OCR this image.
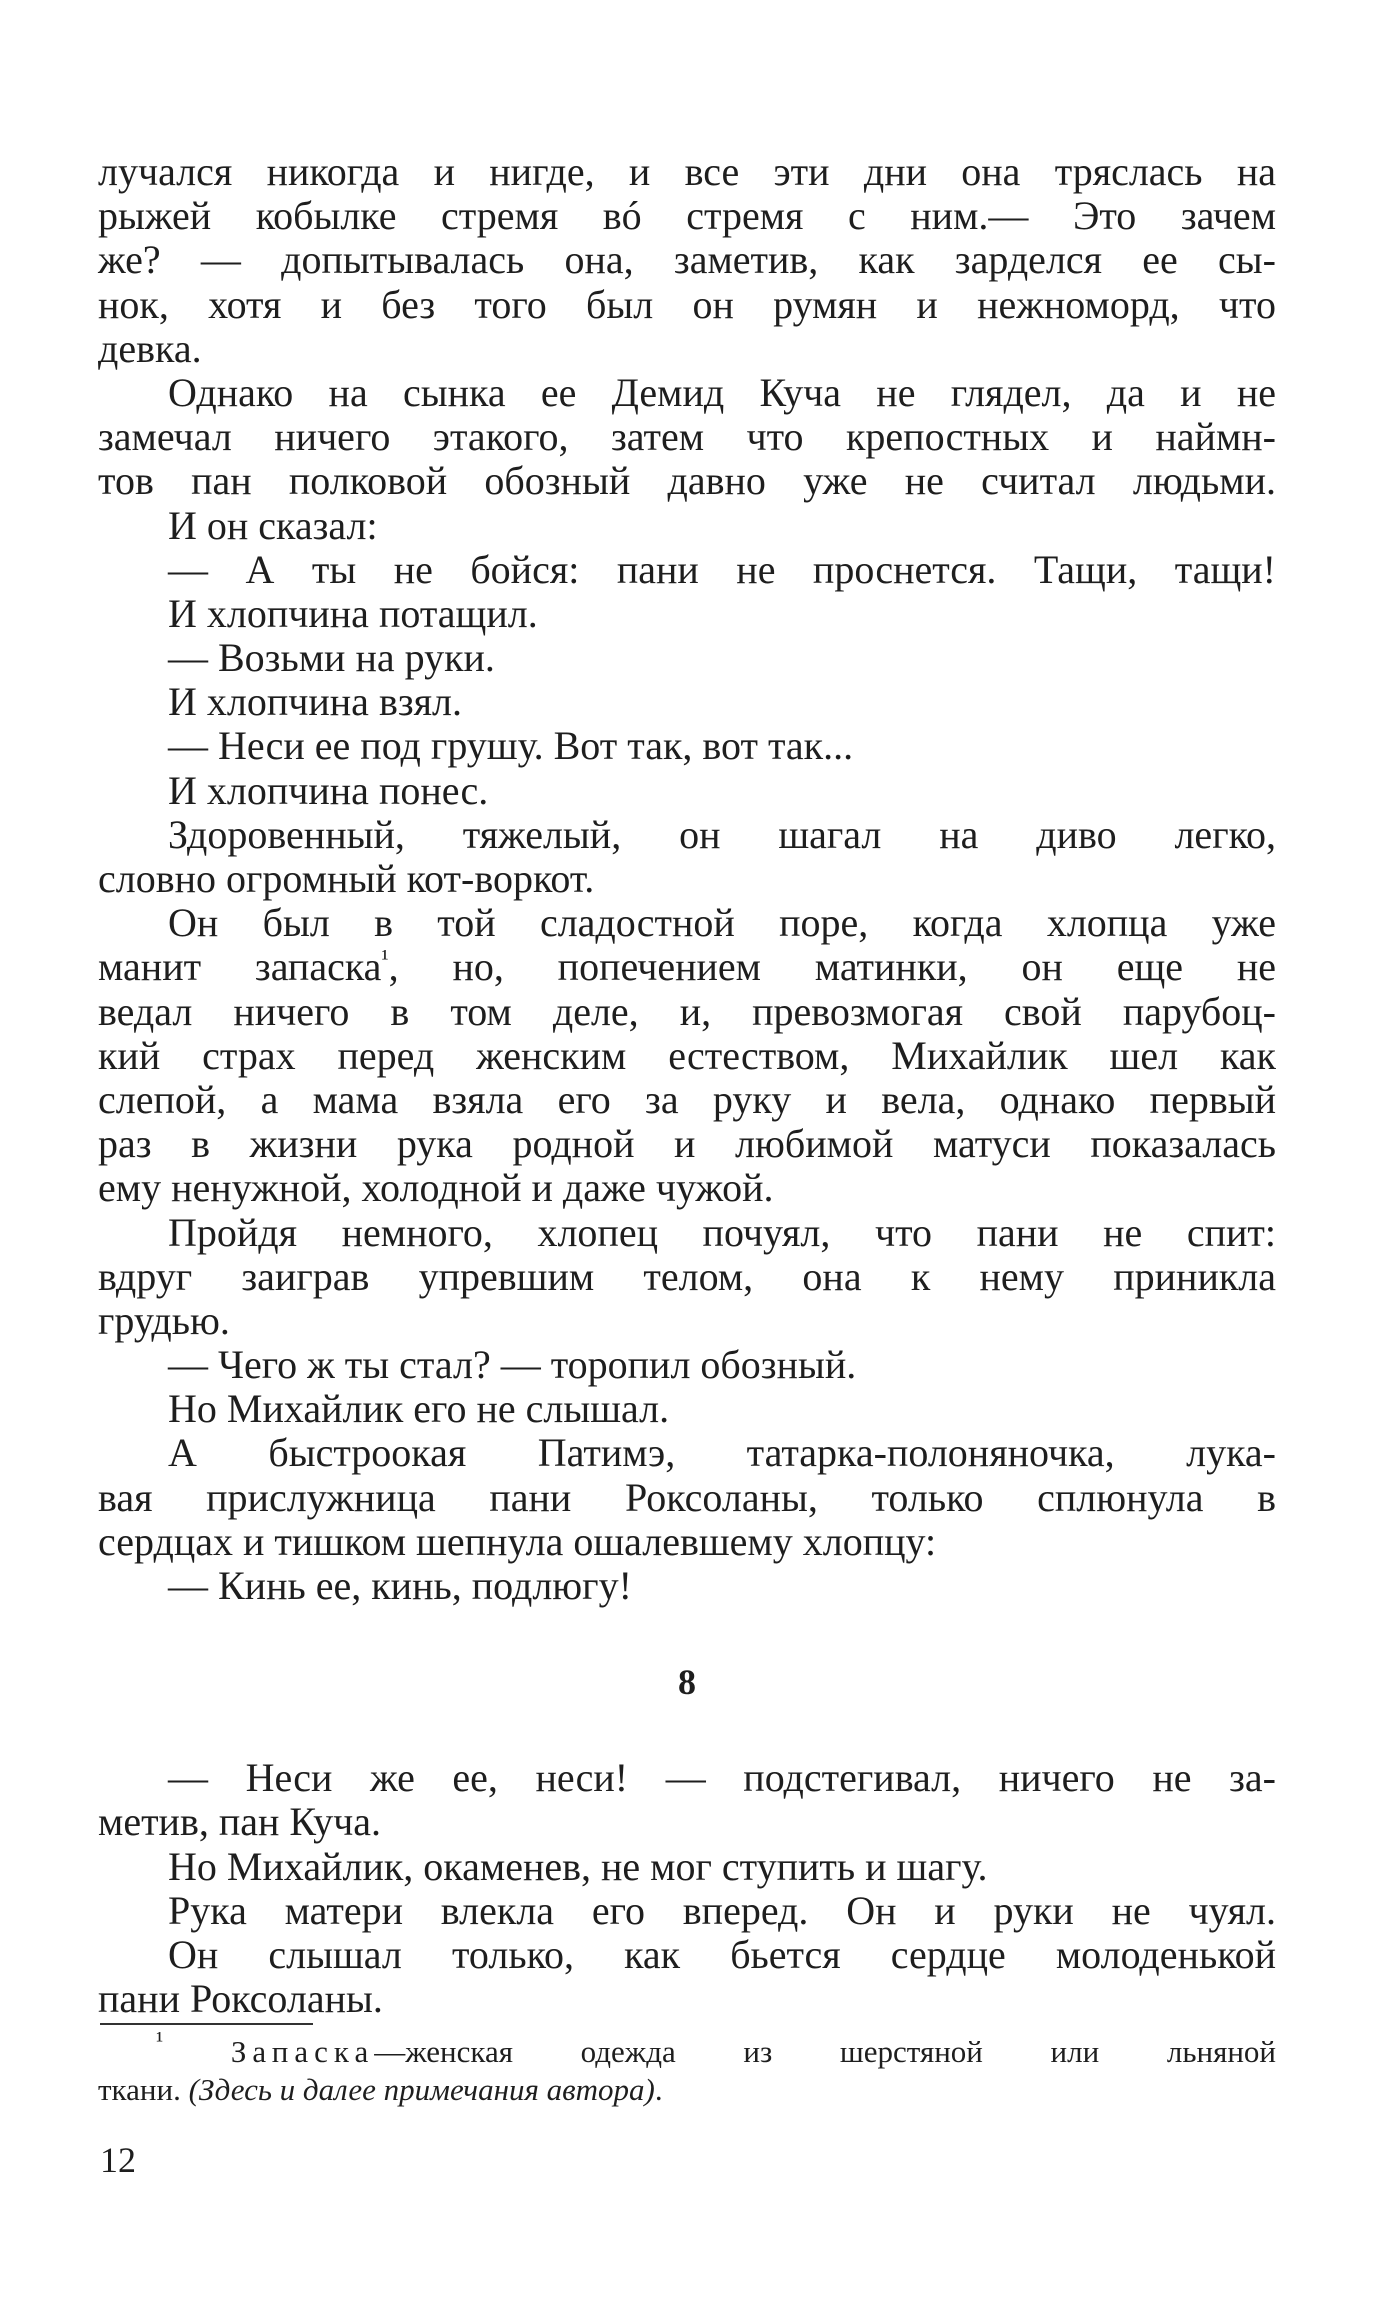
лучался никогда и нигде, и все эти дни она тряслась на
рыжей кобылке стремя вó стремя с ним.— Это зачем
же? — допытывалась она, заметив, как зарделся ее сы-
нок, хотя и без того был он румян и нежноморд, что
девка.
Однако на сынка ее Демид Куча не глядел, да и не
замечал ничего этакого, затем что крепостных и наймн-
тов пан полковой обозный давно уже не считал людьми.
И он сказал:
— А ты не бойся: пани не проснется. Тащи, тащи!
И хлопчина потащил.
— Возьми на руки.
И хлопчина взял.
— Неси ее под грушу. Вот так, вот так...
И хлопчина понес.
Здоровенный, тяжелый, он шагал на диво легко,
словно огромный кот-воркот.
Он был в той сладостной поре, когда хлопца уже
манит запаска$^{^1}$, но, попечением матинки, он еще не
ведал ничего в том деле, и, превозмогая свой парубоц-
кий страх перед женским естеством, Михайлик шел как
слепой, а мама взяла его за руку и вела, однако первый
раз в жизни рука родной и любимой матуси показалась
ему ненужной, холодной и даже чужой.
Пройдя немного, хлопец почуял, что пани не спит:
вдруг заиграв упревшим телом, она к нему приникла
грудью.
— Чего ж ты стал? — торопил обозный.
Но Михайлик его не слышал.
А быстроокая Патимэ, татарка-полоняночка, лука-
вая прислужница пани Роксоланы, только сплюнула в
сердцах и тишком шепнула ошалевшему хлопцу:
— Кинь ее, кинь, подлюгу!
8
— Неси же ее, неси! — подстегивал, ничего не за-
метив, пан Куча.
Но Михайлик, окаменев, не мог ступить и шагу.
Рука матери влекла его вперед. Он и руки не чуял.
Он слышал только, как бьется сердце молоденькой
пани Роксоланы.
$^{^1}$ Запаска—женская одежда из шерстяной или льняной
ткани. (Здесь и далее примечания автора).
12
